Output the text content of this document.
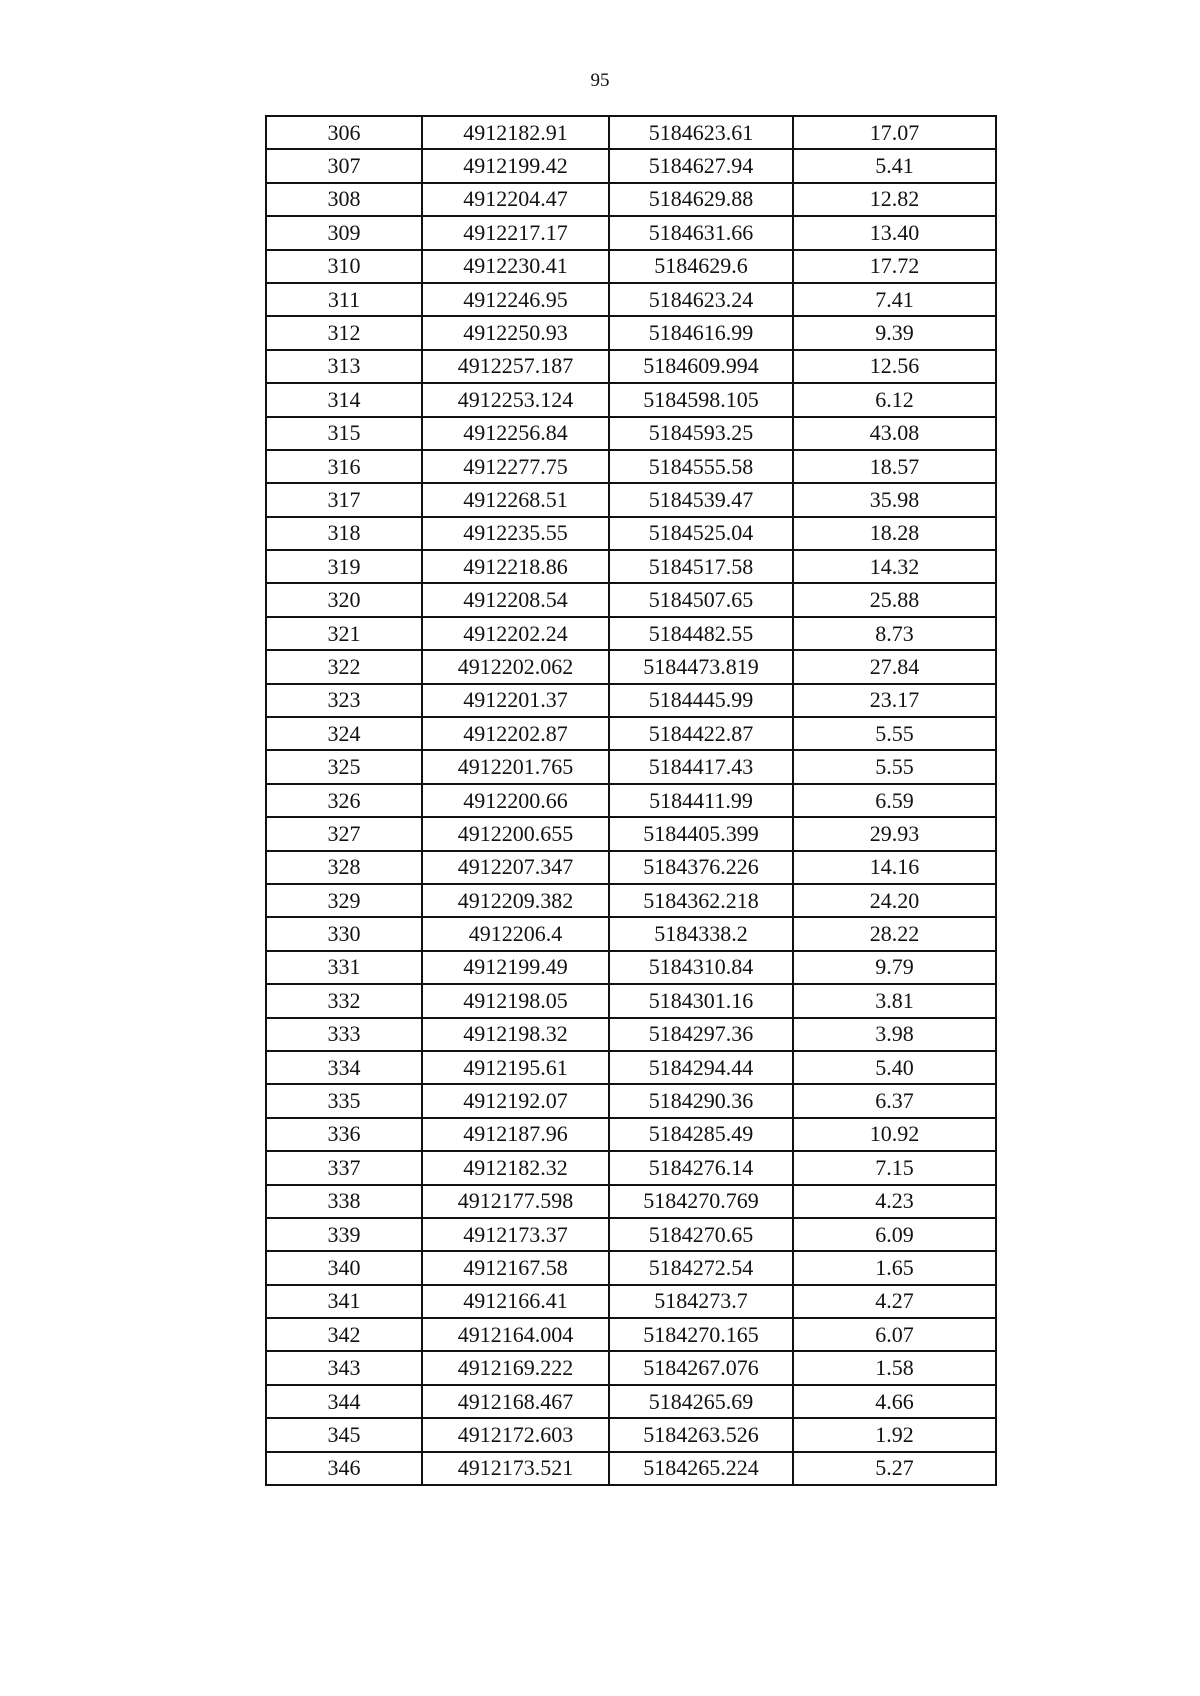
95
306	4912182.91	5184623.61	17.07
307	4912199.42	5184627.94	5.41
308	4912204.47	5184629.88	12.82
309	4912217.17	5184631.66	13.40
310	4912230.41	5184629.6	17.72
311	4912246.95	5184623.24	7.41
312	4912250.93	5184616.99	9.39
313	4912257.187	5184609.994	12.56
314	4912253.124	5184598.105	6.12
315	4912256.84	5184593.25	43.08
316	4912277.75	5184555.58	18.57
317	4912268.51	5184539.47	35.98
318	4912235.55	5184525.04	18.28
319	4912218.86	5184517.58	14.32
320	4912208.54	5184507.65	25.88
321	4912202.24	5184482.55	8.73
322	4912202.062	5184473.819	27.84
323	4912201.37	5184445.99	23.17
324	4912202.87	5184422.87	5.55
325	4912201.765	5184417.43	5.55
326	4912200.66	5184411.99	6.59
327	4912200.655	5184405.399	29.93
328	4912207.347	5184376.226	14.16
329	4912209.382	5184362.218	24.20
330	4912206.4	5184338.2	28.22
331	4912199.49	5184310.84	9.79
332	4912198.05	5184301.16	3.81
333	4912198.32	5184297.36	3.98
334	4912195.61	5184294.44	5.40
335	4912192.07	5184290.36	6.37
336	4912187.96	5184285.49	10.92
337	4912182.32	5184276.14	7.15
338	4912177.598	5184270.769	4.23
339	4912173.37	5184270.65	6.09
340	4912167.58	5184272.54	1.65
341	4912166.41	5184273.7	4.27
342	4912164.004	5184270.165	6.07
343	4912169.222	5184267.076	1.58
344	4912168.467	5184265.69	4.66
345	4912172.603	5184263.526	1.92
346	4912173.521	5184265.224	5.27
